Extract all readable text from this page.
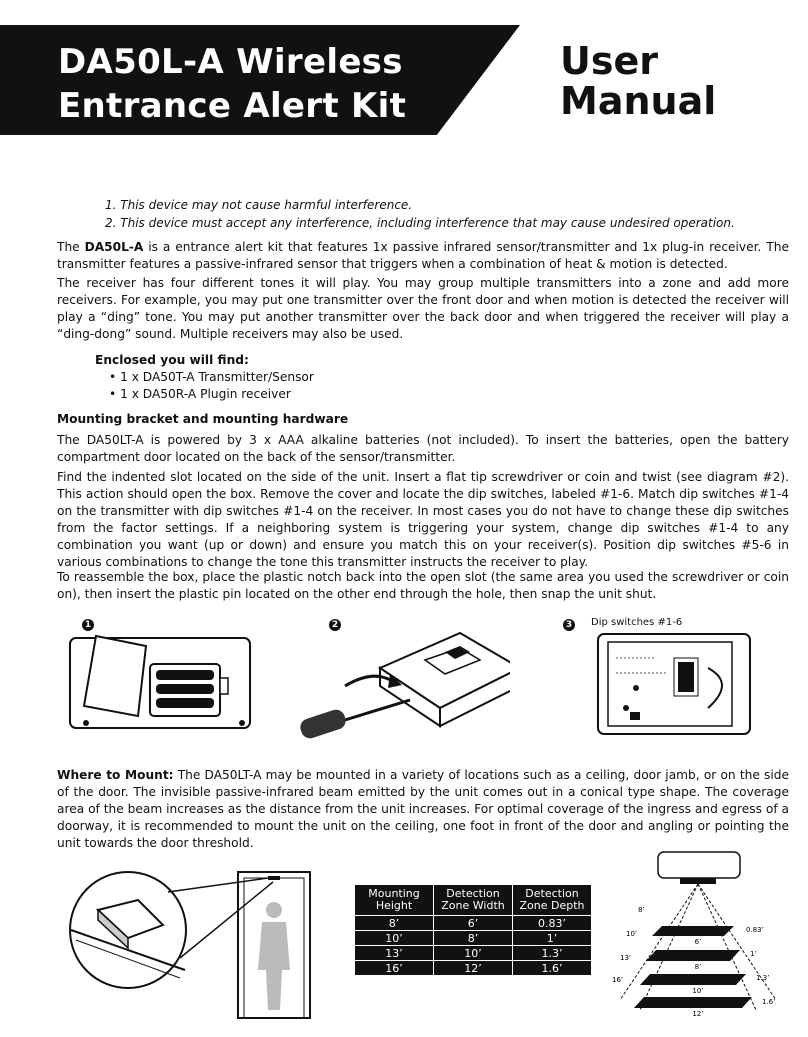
DA50L-A Wireless
Entrance Alert Kit
User
Manual
1. This device may not cause harmful interference.
2. This device must accept any interference, including interference that may cause undesired operation.
The DA50L-A is a entrance alert kit that features 1x passive infrared sensor/transmitter and 1x plug-in receiver. The transmitter features a passive-infrared sensor that triggers when a combination of heat & motion is detected.
The receiver has four different tones it will play. You may group multiple transmitters into a zone and add more receivers. For example, you may put one transmitter over the front door and when motion is detected the receiver will play a “ding” tone. You may put another transmitter over the back door and when triggered the receiver will play a “ding-dong” sound. Multiple receivers may also be used.
Enclosed you will find:
• 1 x DA50T-A Transmitter/Sensor
• 1 x DA50R-A Plugin receiver
Mounting bracket and mounting hardware
The DA50LT-A is powered by 3 x AAA alkaline batteries (not included). To insert the batteries, open the battery compartment door located on the back of the sensor/transmitter.
Find the indented slot located on the side of the unit. Insert a flat tip screwdriver or coin and twist (see diagram #2). This action should open the box. Remove the cover and locate the dip switches, labeled #1-6. Match dip switches #1-4 on the transmitter with dip switches #1-4 on the receiver. In most cases you do not have to change these dip switches from the factor settings. If a neighboring system is triggering your system, change dip switches #1-4 to any combination you want (up or down) and ensure you match this on your receiver(s). Position dip switches #5-6 in various combinations to change the tone this transmitter instructs the receiver to play.
To reassemble the box, place the plastic notch back into the open slot (the same area you used the screwdriver or coin on), then insert the plastic pin located on the other end through the hole, then snap the unit shut.
1	2	3 Dip switches #1-6
Where to Mount: The DA50LT-A may be mounted in a variety of locations such as a ceiling, door jamb, or on the side of the door. The invisible passive-infrared beam emitted by the unit comes out in a conical type shape. The coverage area of the beam increases as the distance from the unit increases. For optimal coverage of the ingress and egress of a doorway, it is recommended to mount the unit on the ceiling, one foot in front of the door and angling or pointing the unit towards the door threshold.
Mounting Height	Detection Zone Width	Detection Zone Depth
8’	6’	0.83’
10’	8’	1’
13’	10’	1.3’
16’	12’	1.6’
8’
10’
13’
16’
6’
8’
10’
12’
0.83’
1’
1.3’
1.6’
